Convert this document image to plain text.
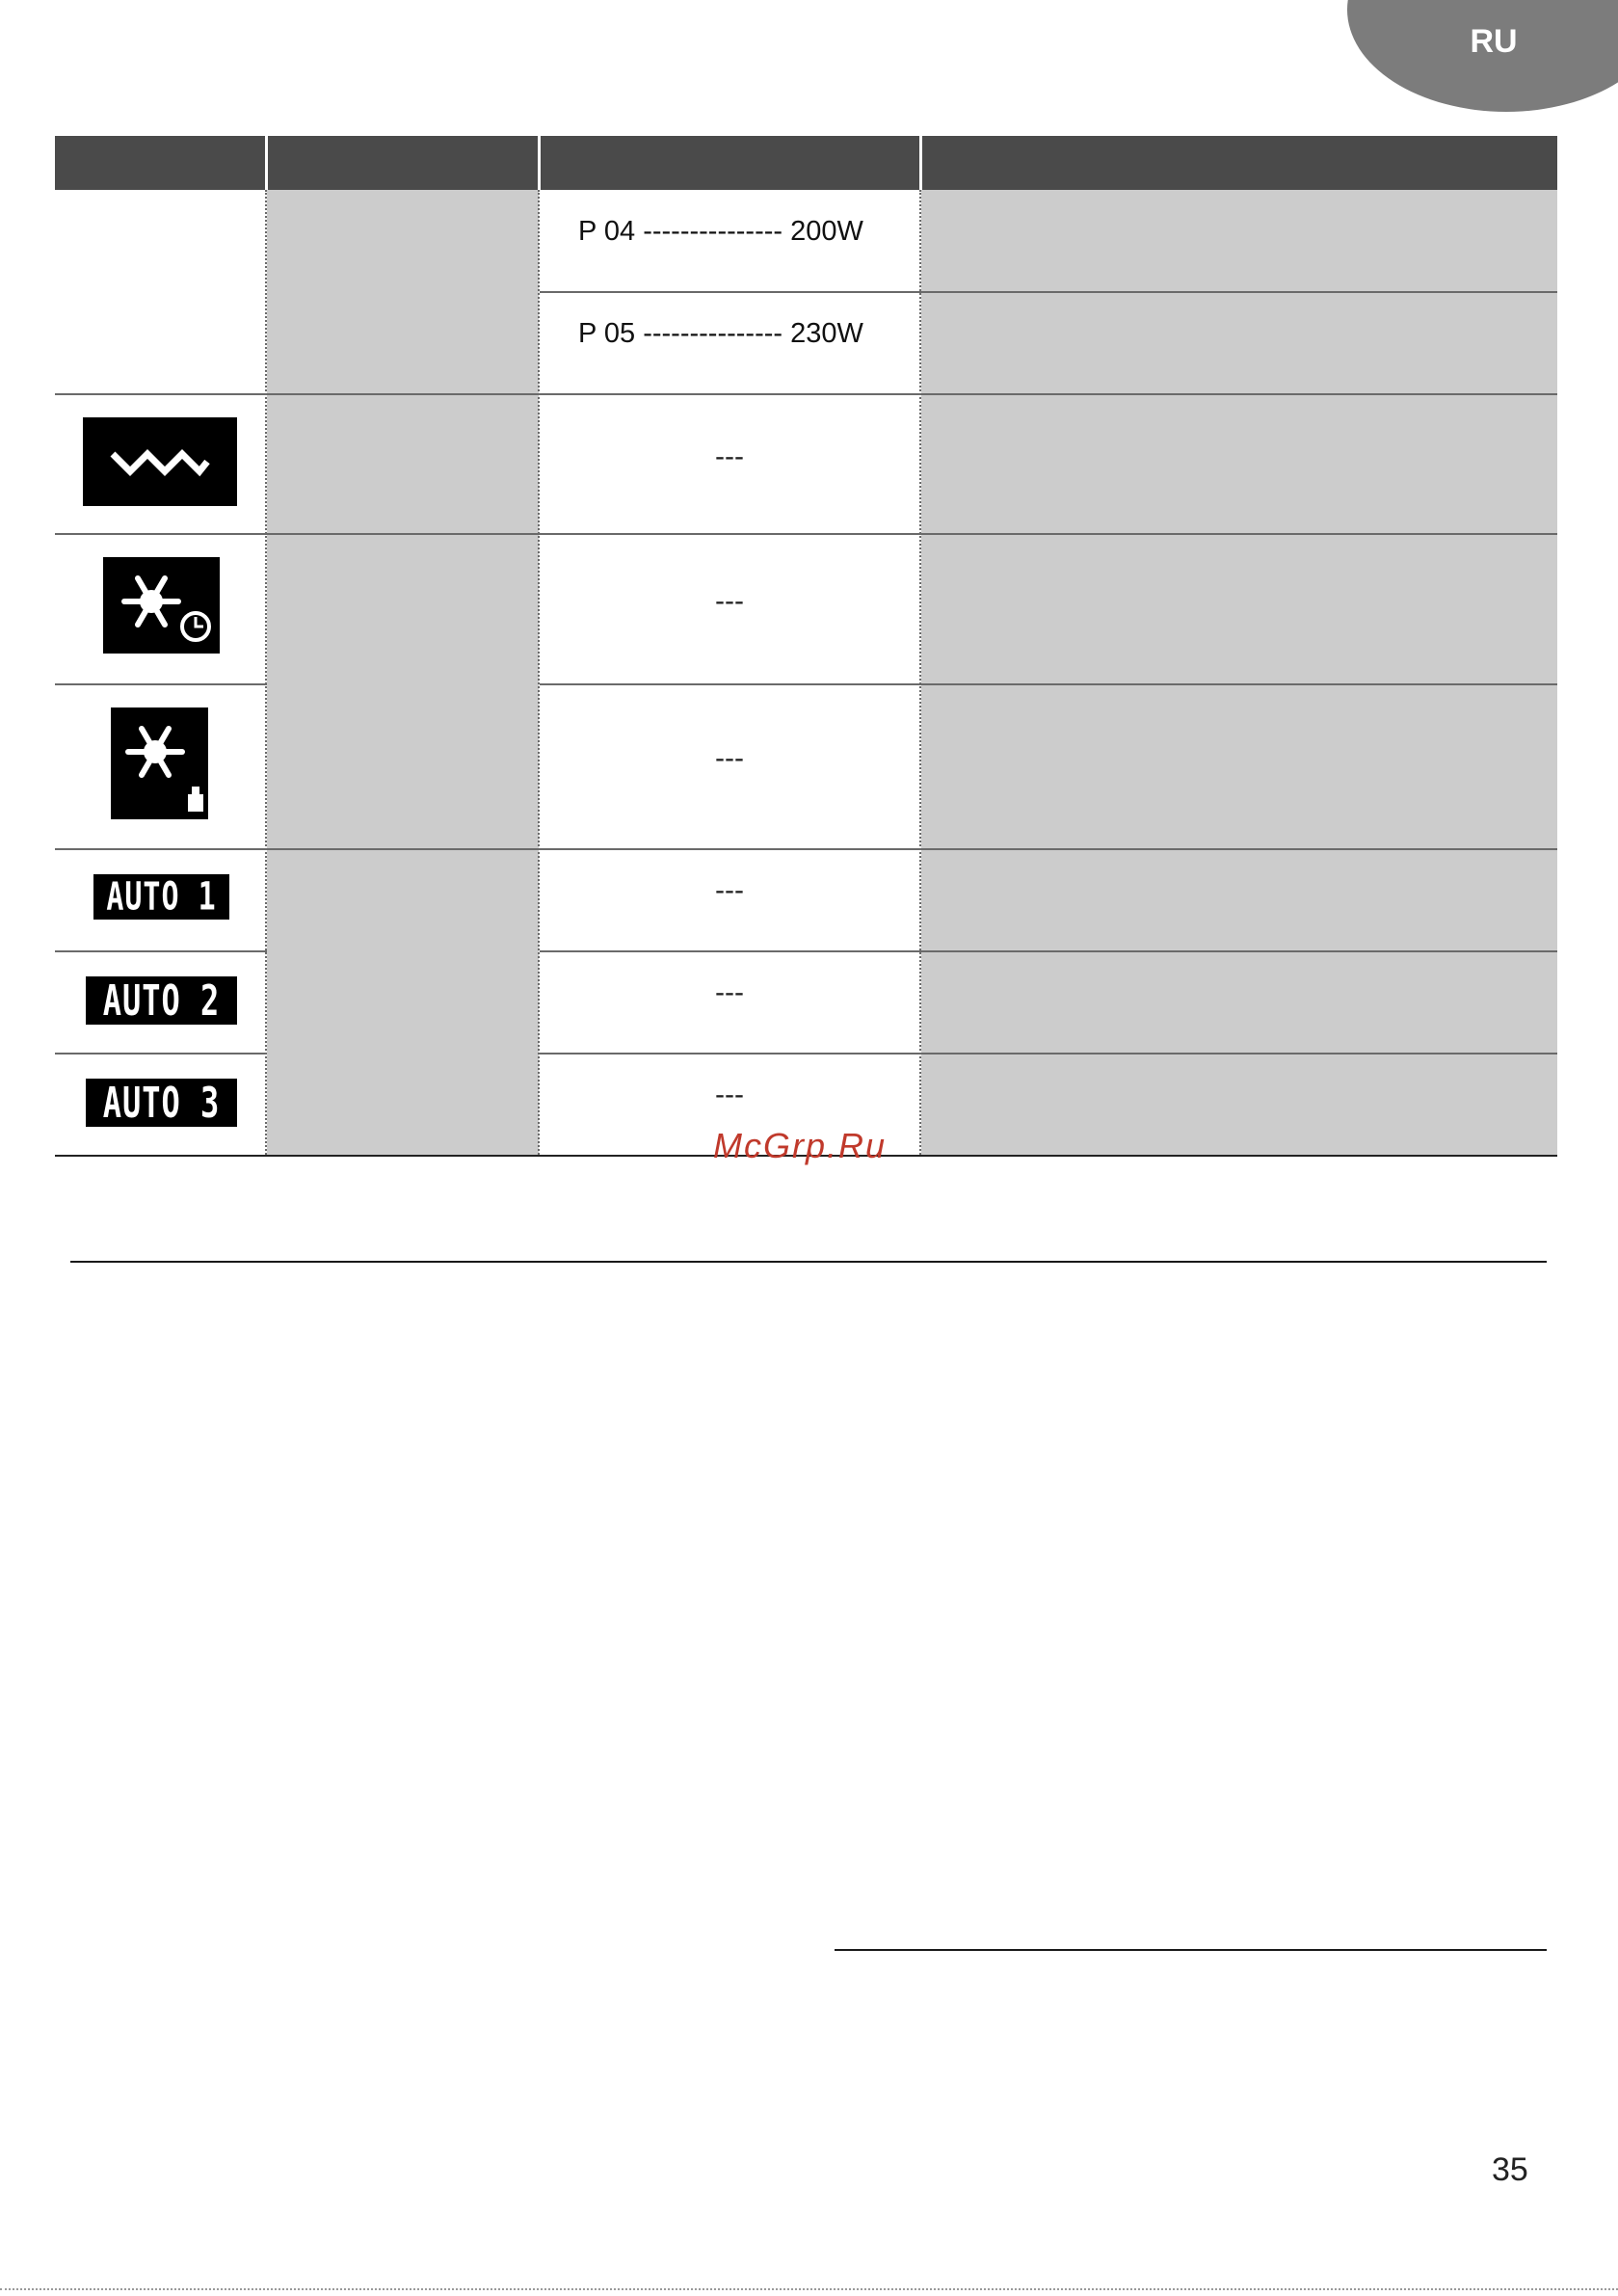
RU
P 04 --------------- 200W
P 05 --------------- 230W
---
---
---
---
---
---
AUTO 1
AUTO 2
AUTO 3
McGrp.Ru
35
